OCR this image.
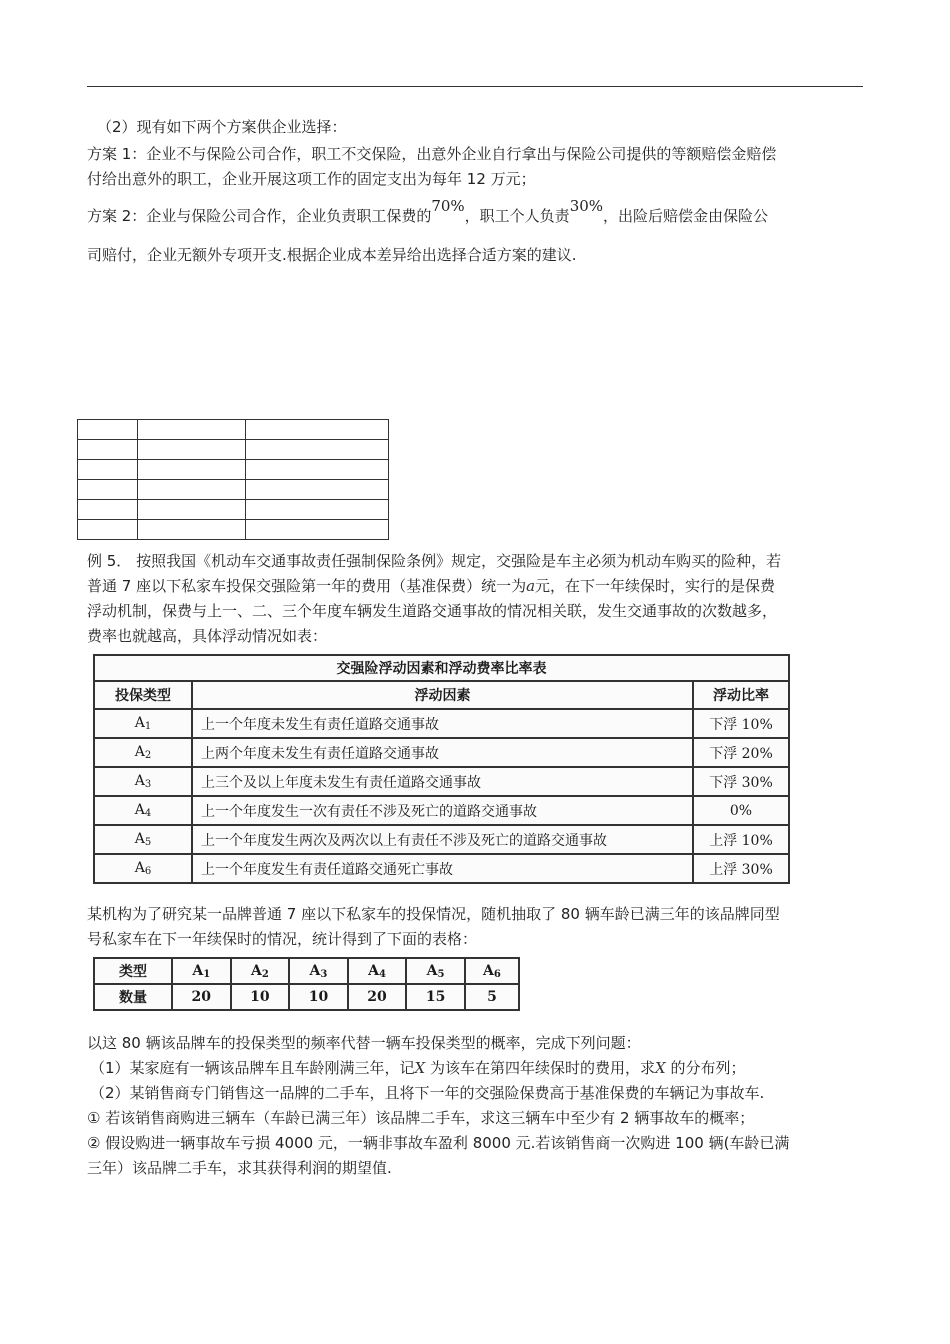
（2）现有如下两个方案供企业选择：
方案 1：企业不与保险公司合作，职工不交保险，出意外企业自行拿出与保险公司提供的等额赔偿金赔偿
付给出意外的职工，企业开展这项工作的固定支出为每年 12 万元；
方案 2：企业与保险公司合作，企业负责职工保费的70%，职工个人负责30%，出险后赔偿金由保险公
司赔付，企业无额外专项开支.根据企业成本差异给出选择合适方案的建议.

例 5． 按照我国《机动车交通事故责任强制保险条例》规定，交强险是车主必须为机动车购买的险种，若
普通 7 座以下私家车投保交强险第一年的费用（基准保费）统一为a元，在下一年续保时，实行的是保费
浮动机制，保费与上一、二、三个年度车辆发生道路交通事故的情况相关联，发生交通事故的次数越多，
费率也就越高，具体浮动情况如表：
交强险浮动因素和浮动费率比率表		
投保类型	浮动因素	浮动比率
$A_1$	上一个年度未发生有责任道路交通事故	下浮 10%
$A_2$	上两个年度未发生有责任道路交通事故	下浮 20%
$A_3$	上三个及以上年度未发生有责任道路交通事故	下浮 30%
$A_4$	上一个年度发生一次有责任不涉及死亡的道路交通事故	0%
$A_5$	上一个年度发生两次及两次以上有责任不涉及死亡的道路交通事故	上浮 10%
$A_6$	上一个年度发生有责任道路交通死亡事故	上浮 30%
某机构为了研究某一品牌普通 7 座以下私家车的投保情况，随机抽取了 80 辆车龄已满三年的该品牌同型
号私家车在下一年续保时的情况，统计得到了下面的表格：
类型	$A_1$	$A_2$	$A_3$	$A_4$	$A_5$	$A_6$
数量	20	10	10	20	15	5
以这 80 辆该品牌车的投保类型的频率代替一辆车投保类型的概率，完成下列问题：
（1）某家庭有一辆该品牌车且车龄刚满三年，记X 为该车在第四年续保时的费用，求X 的分布列；
（2）某销售商专门销售这一品牌的二手车，且将下一年的交强险保费高于基准保费的车辆记为事故车.
① 若该销售商购进三辆车（车龄已满三年）该品牌二手车，求这三辆车中至少有 2 辆事故车的概率；
② 假设购进一辆事故车亏损 4000 元，一辆非事故车盈利 8000 元.若该销售商一次购进 100 辆(车龄已满
三年）该品牌二手车，求其获得利润的期望值.
